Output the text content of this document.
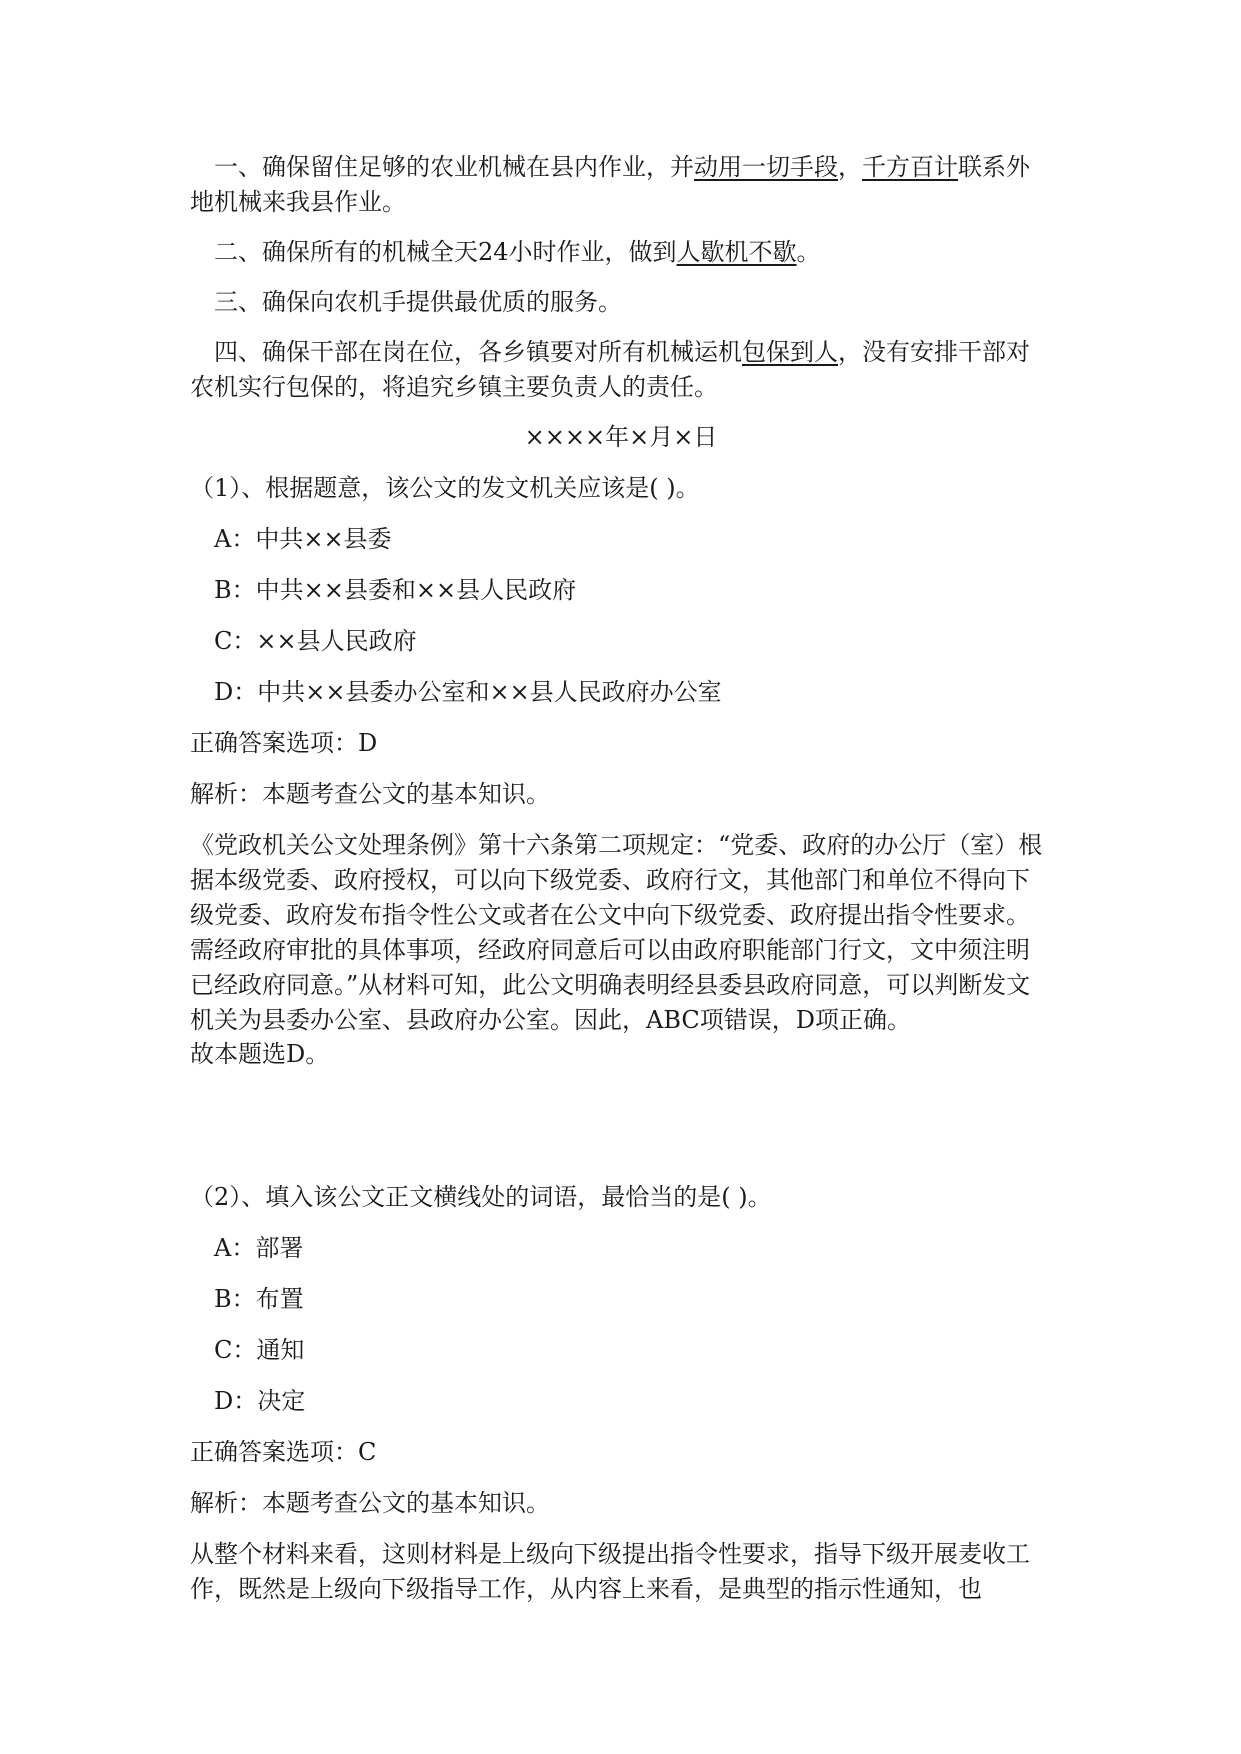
一、确保留住足够的农业机械在县内作业，并动用一切手段，千方百计联系外地机械来我县作业。

二、确保所有的机械全天24小时作业，做到人歇机不歇。

三、确保向农机手提供最优质的服务。

四、确保干部在岗在位，各乡镇要对所有机械运机包保到人，没有安排干部对农机实行包保的，将追究乡镇主要负责人的责任。

××××年×月×日

（1）、根据题意，该公文的发文机关应该是( )。

A：中共××县委

B：中共××县委和××县人民政府

C：××县人民政府

D：中共××县委办公室和××县人民政府办公室

正确答案选项：D

解析：本题考查公文的基本知识。

《党政机关公文处理条例》第十六条第二项规定：“党委、政府的办公厅（室）根据本级党委、政府授权，可以向下级党委、政府行文，其他部门和单位不得向下级党委、政府发布指令性公文或者在公文中向下级党委、政府提出指令性要求。需经政府审批的具体事项，经政府同意后可以由政府职能部门行文，文中须注明已经政府同意。”从材料可知，此公文明确表明经县委县政府同意，可以判断发文机关为县委办公室、县政府办公室。因此，ABC项错误，D项正确。

故本题选D。

（2）、填入该公文正文横线处的词语，最恰当的是( )。

A：部署

B：布置

C：通知

D：决定

正确答案选项：C

解析：本题考查公文的基本知识。

从整个材料来看，这则材料是上级向下级提出指令性要求，指导下级开展麦收工作，既然是上级向下级指导工作，从内容上来看，是典型的指示性通知，也
